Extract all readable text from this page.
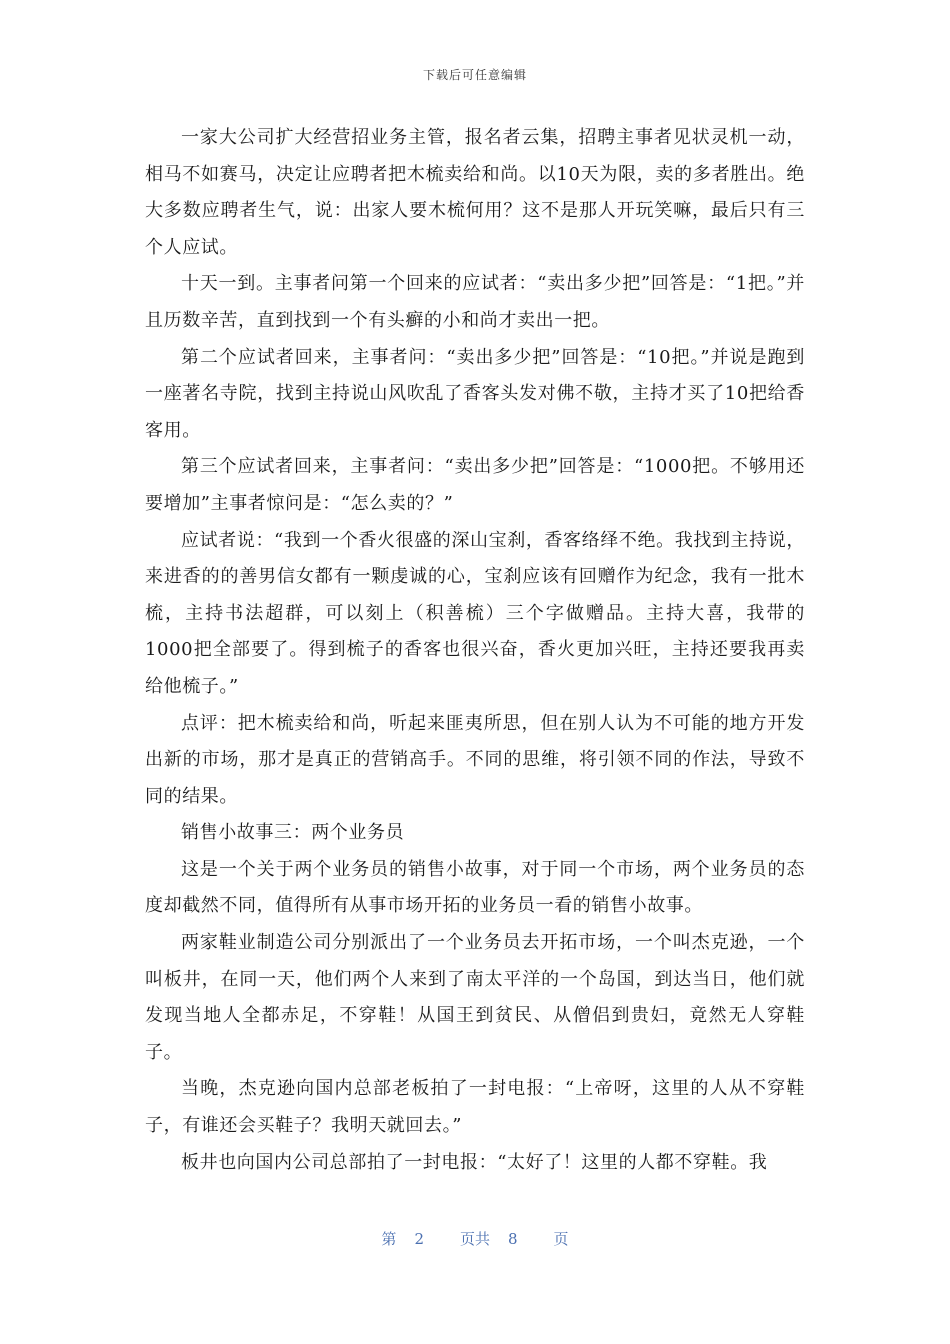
下载后可任意编辑

一家大公司扩大经营招业务主管，报名者云集，招聘主事者见状灵机一动，相马不如赛马，决定让应聘者把木梳卖给和尚。以10天为限，卖的多者胜出。绝大多数应聘者生气，说：出家人要木梳何用？这不是那人开玩笑嘛，最后只有三个人应试。

十天一到。主事者问第一个回来的应试者：“卖出多少把”回答是：“1把。”并且历数辛苦，直到找到一个有头癣的小和尚才卖出一把。

第二个应试者回来，主事者问：“卖出多少把”回答是：“10把。”并说是跑到一座著名寺院，找到主持说山风吹乱了香客头发对佛不敬，主持才买了10把给香客用。

第三个应试者回来，主事者问：“卖出多少把”回答是：“1000把。不够用还要增加”主事者惊问是：“怎么卖的？”

应试者说：“我到一个香火很盛的深山宝刹，香客络绎不绝。我找到主持说，来进香的的善男信女都有一颗虔诚的心，宝刹应该有回赠作为纪念，我有一批木梳，主持书法超群，可以刻上（积善梳）三个字做赠品。主持大喜，我带的1000把全部要了。得到梳子的香客也很兴奋，香火更加兴旺，主持还要我再卖给他梳子。”

点评：把木梳卖给和尚，听起来匪夷所思，但在别人认为不可能的地方开发出新的市场，那才是真正的营销高手。不同的思维，将引领不同的作法，导致不同的结果。

销售小故事三：两个业务员

这是一个关于两个业务员的销售小故事，对于同一个市场，两个业务员的态度却截然不同，值得所有从事市场开拓的业务员一看的销售小故事。

两家鞋业制造公司分别派出了一个业务员去开拓市场，一个叫杰克逊，一个叫板井，在同一天，他们两个人来到了南太平洋的一个岛国，到达当日，他们就发现当地人全都赤足，不穿鞋！从国王到贫民、从僧侣到贵妇，竟然无人穿鞋子。

当晚，杰克逊向国内总部老板拍了一封电报：“上帝呀，这里的人从不穿鞋子，有谁还会买鞋子？我明天就回去。”

板井也向国内公司总部拍了一封电报：“太好了！这里的人都不穿鞋。我

第 2 页共 8 页
